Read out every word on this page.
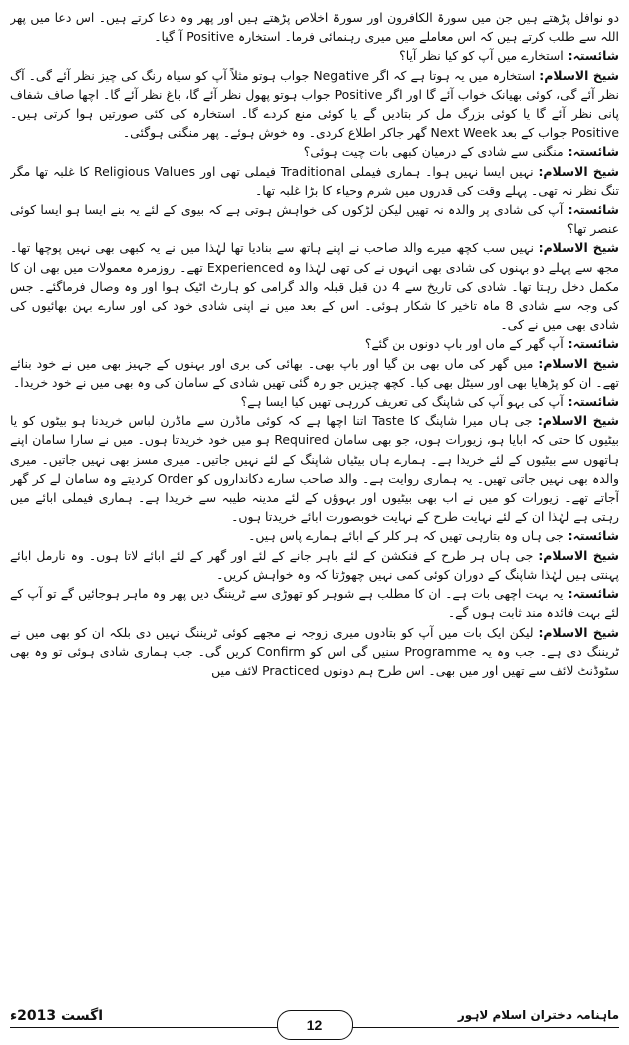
دو نوافل پڑھتے ہیں جن میں سورۃ الکافرون اور سورۃ اخلاص پڑھتے ہیں اور پھر وہ دعا کرتے ہیں۔ اس دعا میں پھر اللہ سے طلب کرتے ہیں کہ اس معاملے میں میری رہنمائی فرما۔ استخارہ Positive آ گیا۔

شائستہ: استخارے میں آپ کو کیا نظر آیا؟

شیخ الاسلام: استخارہ میں یہ ہوتا ہے کہ اگر Negative جواب ہوتو مثلاً آپ کو سیاہ رنگ کی چیز نظر آئے گی۔ آگ نظر آئے گی، کوئی بھیانک خواب آئے گا اور اگر Positive جواب ہوتو پھول نظر آئے گا، باغ نظر آئے گا۔ اچھا صاف شفاف پانی نظر آئے گا یا کوئی بزرگ مل کر بتادیں گے یا کوئی منع کردے گا۔ استخارہ کی کئی صورتیں ہوا کرتی ہیں۔ Positive جواب کے بعد Next Week گھر جاکر اطلاع کردی۔ وہ خوش ہوئے۔ پھر منگنی ہوگئی۔

شائستہ: منگنی سے شادی کے درمیان کبھی بات چیت ہوئی؟

شیخ الاسلام: نہیں ایسا نہیں ہوا۔ ہماری فیملی Traditional فیملی تھی اور Religious Values کا غلبہ تھا مگر تنگ نظر نہ تھی۔ پہلے وقت کی قدروں میں شرم وحیاء کا بڑا غلبہ تھا۔

شائستہ: آپ کی شادی پر والدہ نہ تھیں لیکن لڑکوں کی خواہش ہوتی ہے کہ بیوی کے لئے یہ بنے ایسا ہو ایسا کوئی عنصر تھا؟

شیخ الاسلام: نہیں سب کچھ میرے والد صاحب نے اپنے ہاتھ سے بنادیا تھا لہٰذا میں نے یہ کبھی بھی نہیں پوچھا تھا۔ مجھ سے پہلے دو بہنوں کی شادی بھی انہوں نے کی تھی لہٰذا وہ Experienced تھے۔ روزمرہ معمولات میں بھی ان کا مکمل دخل رہتا تھا۔ شادی کی تاریخ سے 4 دن قبل قبلہ والد گرامی کو ہارٹ اٹیک ہوا اور وہ وصال فرماگئے۔ جس کی وجہ سے شادی 8 ماہ تاخیر کا شکار ہوئی۔ اس کے بعد میں نے اپنی شادی خود کی اور سارے بہن بھائیوں کی شادی بھی میں نے کی۔

شائستہ: آپ گھر کے ماں اور باپ دونوں بن گئے؟

شیخ الاسلام: میں گھر کی ماں بھی بن گیا اور باپ بھی۔ بھائی کی بری اور بہنوں کے جہیز بھی میں نے خود بنائے تھے۔ ان کو پڑھایا بھی اور سیٹل بھی کیا۔ کچھ چیزیں جو رہ گئی تھیں شادی کے سامان کی وہ بھی میں نے خود خریدا۔

شائستہ: آپ کی بہو آپ کی شاپنگ کی تعریف کررہی تھیں کیا ایسا ہے؟

شیخ الاسلام: جی ہاں میرا شاپنگ کا Taste اتنا اچھا ہے کہ کوئی ماڈرن سے ماڈرن لباس خریدنا ہو بیٹوں کو یا بیٹیوں کا حتی کہ ابایا ہو، زیورات ہوں، جو بھی سامان Required ہو میں خود خریدتا ہوں۔ میں نے سارا سامان اپنے ہاتھوں سے بیٹیوں کے لئے خریدا ہے۔ ہمارے ہاں بیٹیاں شاپنگ کے لئے نہیں جاتیں۔ میری مسز بھی نہیں جاتیں۔ میری والدہ بھی نہیں جاتی تھیں۔ یہ ہماری روایت ہے۔ والد صاحب سارے دکانداروں کو Order کردیتے وہ سامان لے کر گھر آجاتے تھے۔ زیورات کو میں نے اب بھی بیٹیوں اور بہوؤں کے لئے مدینہ طیبہ سے خریدا ہے۔ ہماری فیملی ابائے میں رہتی ہے لہٰذا ان کے لئے نہایت طرح کے نہایت خوبصورت ابائے خریدتا ہوں۔

شائستہ: جی ہاں وہ بتارہی تھیں کہ ہر کلر کے ابائے ہمارے پاس ہیں۔

شیخ الاسلام: جی ہاں ہر طرح کے فنکشن کے لئے باہر جانے کے لئے اور گھر کے لئے ابائے لاتا ہوں۔ وہ نارمل ابائے پہنتی ہیں لہٰذا شاپنگ کے دوران کوئی کمی نہیں چھوڑتا کہ وہ خواہش کریں۔

شائستہ: یہ بہت اچھی بات ہے۔ ان کا مطلب ہے شوہر کو تھوڑی سے ٹریننگ دیں پھر وہ ماہر ہوجائیں گے تو آپ کے لئے بہت فائدہ مند ثابت ہوں گے۔

شیخ الاسلام: لیکن ایک بات میں آپ کو بتادوں میری زوجہ نے مجھے کوئی ٹریننگ نہیں دی بلکہ ان کو بھی میں نے ٹریننگ دی ہے۔ جب وہ یہ Programme سنیں گی اس کو Confirm کریں گی۔ جب ہماری شادی ہوئی تو وہ بھی سٹوڈنٹ لائف سے تھیں اور میں بھی۔ اس طرح ہم دونوں Practiced لائف میں

اگست 2013ء
12
ماہنامہ دختران اسلام لاہور
